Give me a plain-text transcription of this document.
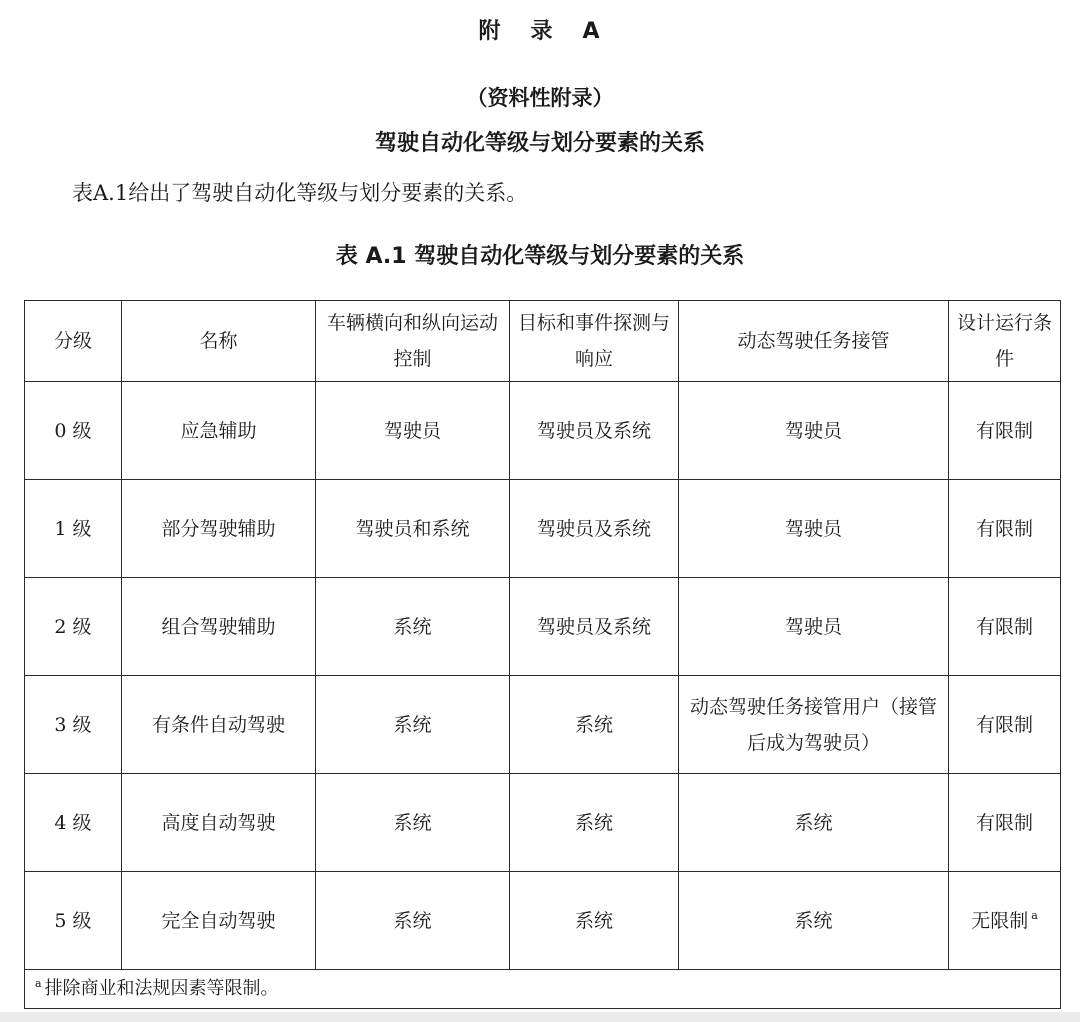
附 录 A
（资料性附录）
驾驶自动化等级与划分要素的关系
表A.1给出了驾驶自动化等级与划分要素的关系。
表 A.1 驾驶自动化等级与划分要素的关系
分级	名称	车辆横向和纵向运动控制	目标和事件探测与响应	动态驾驶任务接管	设计运行条件
0 级	应急辅助	驾驶员	驾驶员及系统	驾驶员	有限制
1 级	部分驾驶辅助	驾驶员和系统	驾驶员及系统	驾驶员	有限制
2 级	组合驾驶辅助	系统	驾驶员及系统	驾驶员	有限制
3 级	有条件自动驾驶	系统	系统	动态驾驶任务接管用户（接管后成为驾驶员）	有限制
4 级	高度自动驾驶	系统	系统	系统	有限制
5 级	完全自动驾驶	系统	系统	系统	无限制 $^a$
$^a$ 排除商业和法规因素等限制。					
